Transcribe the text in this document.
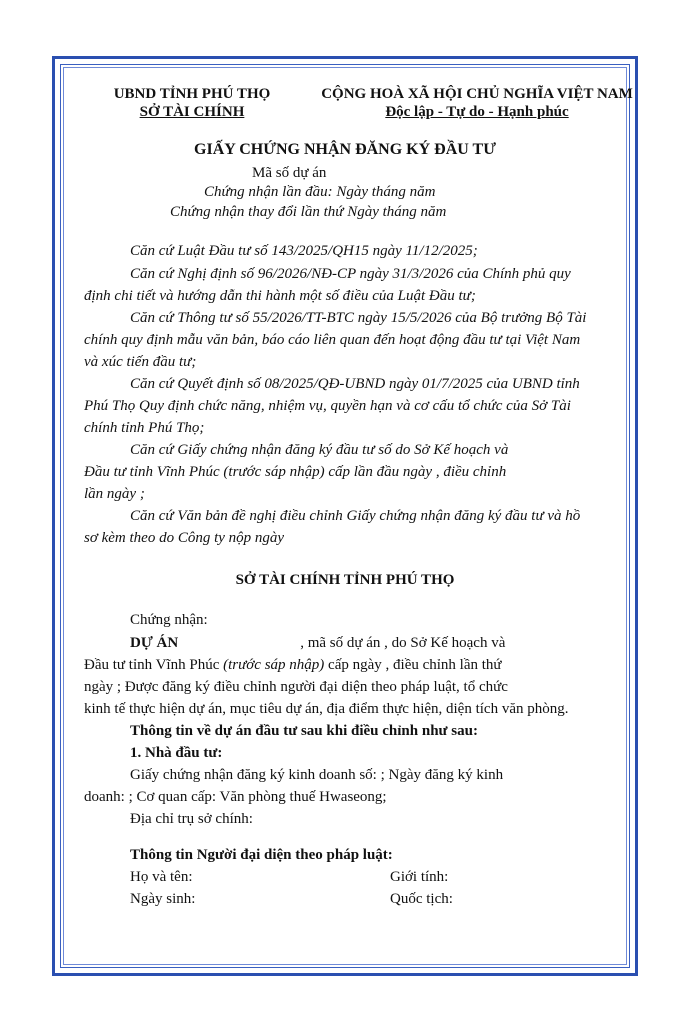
UBND TỈNH PHÚ THỌ
SỞ TÀI CHÍNH
CỘNG HOÀ XÃ HỘI CHỦ NGHĨA VIỆT NAM
Độc lập - Tự do - Hạnh phúc
GIẤY CHỨNG NHẬN ĐĂNG KÝ ĐẦU TƯ
Mã số dự án
Chứng nhận lần đầu: Ngày tháng năm
Chứng nhận thay đổi lần thứ Ngày tháng năm
Căn cứ Luật Đầu tư số 143/2025/QH15 ngày 11/12/2025;
Căn cứ Nghị định số 96/2026/NĐ-CP ngày 31/3/2026 của Chính phủ quy
định chi tiết và hướng dẫn thi hành một số điều của Luật Đầu tư;
Căn cứ Thông tư số 55/2026/TT-BTC ngày 15/5/2026 của Bộ trưởng Bộ Tài
chính quy định mẫu văn bản, báo cáo liên quan đến hoạt động đầu tư tại Việt Nam
và xúc tiến đầu tư;
Căn cứ Quyết định số 08/2025/QĐ-UBND ngày 01/7/2025 của UBND tỉnh
Phú Thọ Quy định chức năng, nhiệm vụ, quyền hạn và cơ cấu tổ chức của Sở Tài
chính tỉnh Phú Thọ;
Căn cứ Giấy chứng nhận đăng ký đầu tư số do Sở Kế hoạch và
Đầu tư tỉnh Vĩnh Phúc (trước sáp nhập) cấp lần đầu ngày , điều chỉnh
lần ngày ;
Căn cứ Văn bản đề nghị điều chỉnh Giấy chứng nhận đăng ký đầu tư và hồ
sơ kèm theo do Công ty nộp ngày
SỞ TÀI CHÍNH TỈNH PHÚ THỌ
Chứng nhận:
DỰ ÁN	, mã số dự án , do Sở Kế hoạch và
Đầu tư tỉnh Vĩnh Phúc (trước sáp nhập) cấp ngày , điều chỉnh lần thứ
ngày ; Được đăng ký điều chỉnh người đại diện theo pháp luật, tổ chức
kinh tế thực hiện dự án, mục tiêu dự án, địa điểm thực hiện, diện tích văn phòng.
Thông tin về dự án đầu tư sau khi điều chỉnh như sau:
1. Nhà đầu tư:
Giấy chứng nhận đăng ký kinh doanh số: ; Ngày đăng ký kinh
doanh: ; Cơ quan cấp: Văn phòng thuế Hwaseong;
Địa chỉ trụ sở chính:
Thông tin Người đại diện theo pháp luật:
Họ và tên:	Giới tính:
Ngày sinh:	Quốc tịch:
